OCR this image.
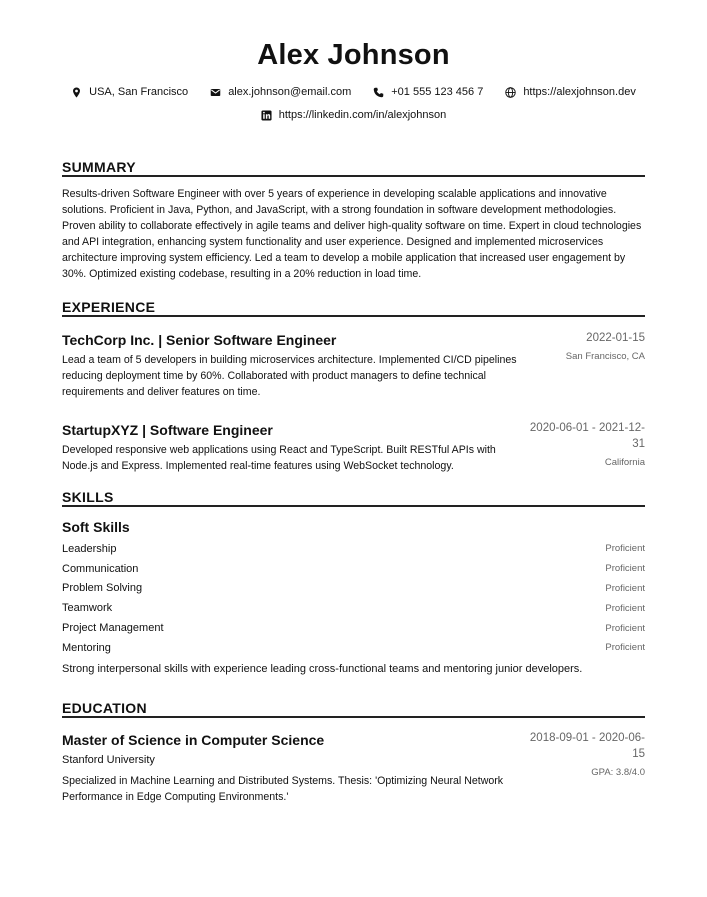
Alex Johnson
USA, San Francisco	alex.johnson@email.com	+01 555 123 456 7	https://alexjohnson.dev
https://linkedin.com/in/alexjohnson
SUMMARY
Results-driven Software Engineer with over 5 years of experience in developing scalable applications and innovative solutions. Proficient in Java, Python, and JavaScript, with a strong foundation in software development methodologies. Proven ability to collaborate effectively in agile teams and deliver high-quality software on time. Expert in cloud technologies and API integration, enhancing system functionality and user experience. Designed and implemented microservices architecture improving system efficiency. Led a team to develop a mobile application that increased user engagement by 30%. Optimized existing codebase, resulting in a 20% reduction in load time.
EXPERIENCE
TechCorp Inc. | Senior Software Engineer
Lead a team of 5 developers in building microservices architecture. Implemented CI/CD pipelines reducing deployment time by 60%. Collaborated with product managers to define technical requirements and deliver features on time.
2022-01-15
San Francisco, CA
StartupXYZ | Software Engineer
Developed responsive web applications using React and TypeScript. Built RESTful APIs with Node.js and Express. Implemented real-time features using WebSocket technology.
2020-06-01 - 2021-12-31
California
SKILLS
Soft Skills
Leadership	Proficient
Communication	Proficient
Problem Solving	Proficient
Teamwork	Proficient
Project Management	Proficient
Mentoring	Proficient
Strong interpersonal skills with experience leading cross-functional teams and mentoring junior developers.
EDUCATION
Master of Science in Computer Science
Stanford University
Specialized in Machine Learning and Distributed Systems. Thesis: 'Optimizing Neural Network Performance in Edge Computing Environments.'
2018-09-01 - 2020-06-15
GPA: 3.8/4.0
